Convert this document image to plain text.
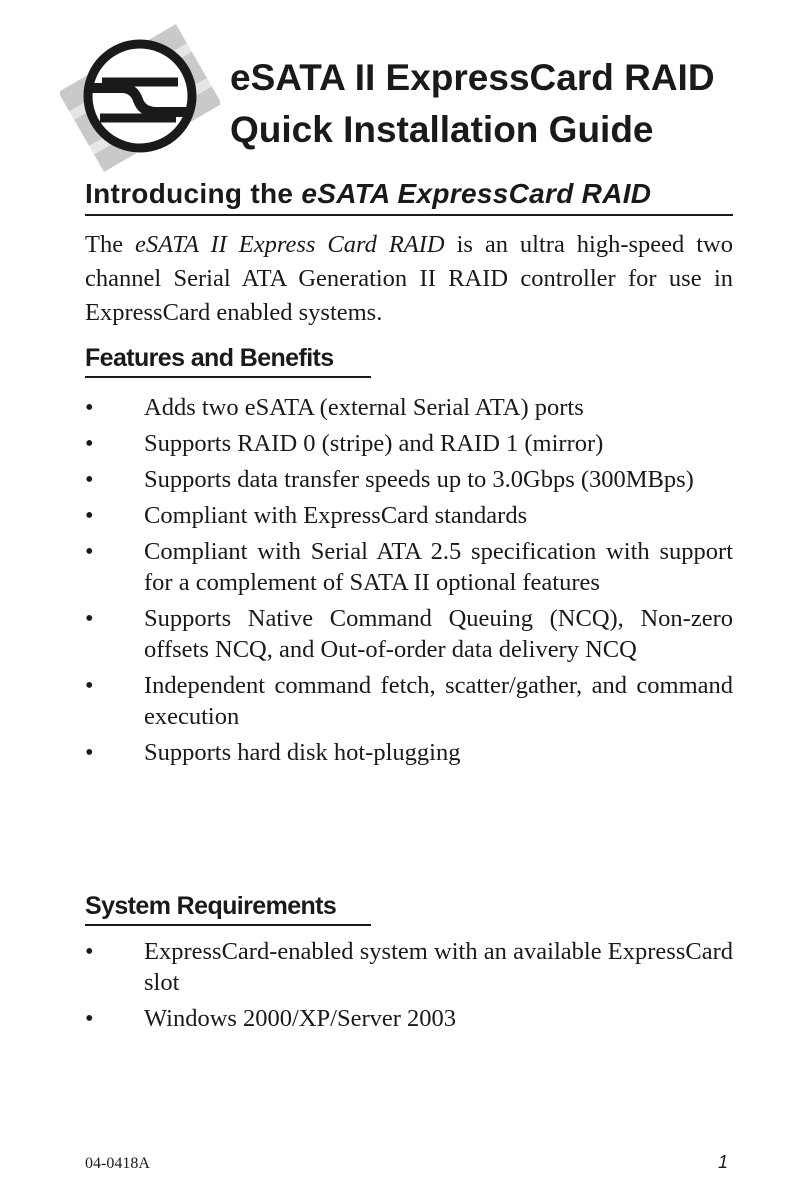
eSATA II ExpressCard RAID
Quick Installation Guide
Introducing the eSATA ExpressCard RAID
The eSATA II Express Card RAID is an ultra high-speed two channel Serial ATA Generation II RAID controller for use in ExpressCard enabled systems.
Features and Benefits
•	Adds two eSATA (external Serial ATA) ports
•	Supports RAID 0 (stripe) and RAID 1 (mirror)
•	Supports data transfer speeds up to 3.0Gbps (300MBps)
•	Compliant with ExpressCard standards
•	Compliant with Serial ATA 2.5 specification with support for a complement of SATA II optional features
•	Supports Native Command Queuing (NCQ), Non-zero offsets NCQ, and Out-of-order data delivery NCQ
•	Independent command fetch, scatter/gather, and command execution
•	Supports hard disk hot-plugging
System Requirements
•	ExpressCard-enabled system with an available ExpressCard slot
•	Windows 2000/XP/Server 2003
04-0418A	1
